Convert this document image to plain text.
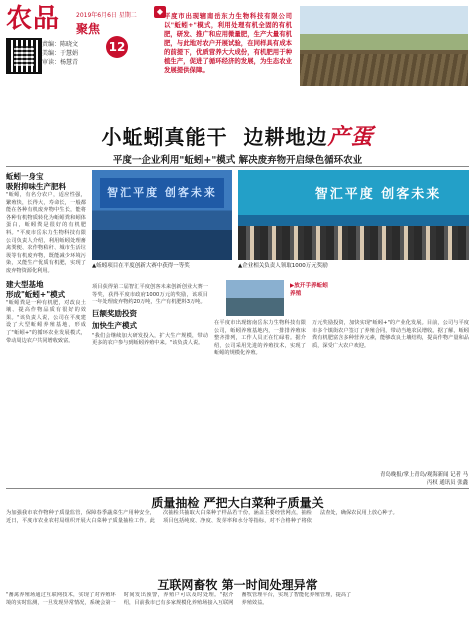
农品	2019年6月6日 星期二
聚焦
12
责编：陈晓文
美编：于慧娟
审读：杨慧青
◆ 平度市出现辖南岳东力生物科技有限公司以"蚯蚓+"模式，利用处理有机全固的有机肥，研发、推广和应用微量肥，生产大量有机肥，与此地对农户开展试验，在同样具有成本的前提下，优质营养大大成份，有机肥用于种植生产，促进了循环经济的发展，为生态农业发展提供保障。
小蚯蚓真能干 边耕地边产蛋
平度一企业利用"蚯蚓+"模式 解决废弃物开启绿色循环农业
蚯蚓一身宝
吸附抑味生产肥料
"蚯蚓，有名分农户，适应性强，繁殖快，长得大，寿命长，一般都能在各种有机废弃物中生长，能将各种有机物质转化为蚯蚓粪和蚓体蛋白，蚯蚓粪是很好的有机肥料。"平度市岳东力生物科技有限公司负责人介绍，利用蚯蚓处理畜禽粪便、农作物秸秆、城市生活垃圾等有机废弃物，既能减少环境污染，又能生产优质有机肥，实现了废弃物资源化利用。
建大型基地
形成"蚯蚓+"模式
"蚯蚓粪是一种有机肥，对改良土壤、提高作物品质有很好的效果。"该负责人说，公司在平度建设了大型蚯蚓养殖基地，形成了"蚯蚓+"的循环农业发展模式，带动周边农户共同增收致富。
智汇平度 创客未来
▲蚯蚓项目在平度创新大赛中获得一等奖
智汇平度 创客未来
▲企业相关负责人领取1000万元奖励
项目获得第二届智汇平度创客未来创新创业大赛一等奖，获得平度市政府1000万元的奖励，该项目一年处理废弃物约20万吨，生产有机肥料3万吨。
巨额奖励投资
加快生产模式
"我们会继续加大研发投入，扩大生产规模，带动更多的农户参与到蚯蚓养殖中来。"该负责人说。
▶放开手养蚯蚓养殖
在平度市出现辖南岳东力生物科技有限公司，蚯蚓养殖基地内，一排排养殖床整齐排列，工作人员正在忙碌着。据介绍，公司采用先进的养殖技术，实现了蚯蚓的规模化养殖。
万元奖励投资，加快实现"蚯蚓+"的产业化发展。目前，公司与平度市多个镇街农户签订了养殖合同，带动当地农民增收。据了解，蚯蚓粪有机肥富含多种营养元素，能够改良土壤结构，提高作物产量和品质，深受广大农户欢迎。
青岛晚报/掌上青岛/观海新闻 记者 马丙权 通讯员 张鑫
质量抽检 严把大白菜种子质量关
为加强我市农作物种子质量监管，保障春季蔬菜生产用种安全，近日，平度市农业农村局组织开展大白菜种子质量抽检工作。此次抽检共抽取大白菜种子样品若干份，涵盖主要经营网点，抽检项目包括纯度、净度、发芽率和水分等指标，对不合格种子将依法查处，确保农民用上放心种子。
互联网畜牧 第一时间处理异常
"畜禽养殖场通过互联网技术，实现了对养殖环境的实时监测，一旦发现异常情况，系统会第一时间发出预警，养殖户可以及时处理。"据介绍，目前我市已有多家规模化养殖场接入互联网畜牧管理平台，实现了智能化养殖管理，提高了养殖效益。
